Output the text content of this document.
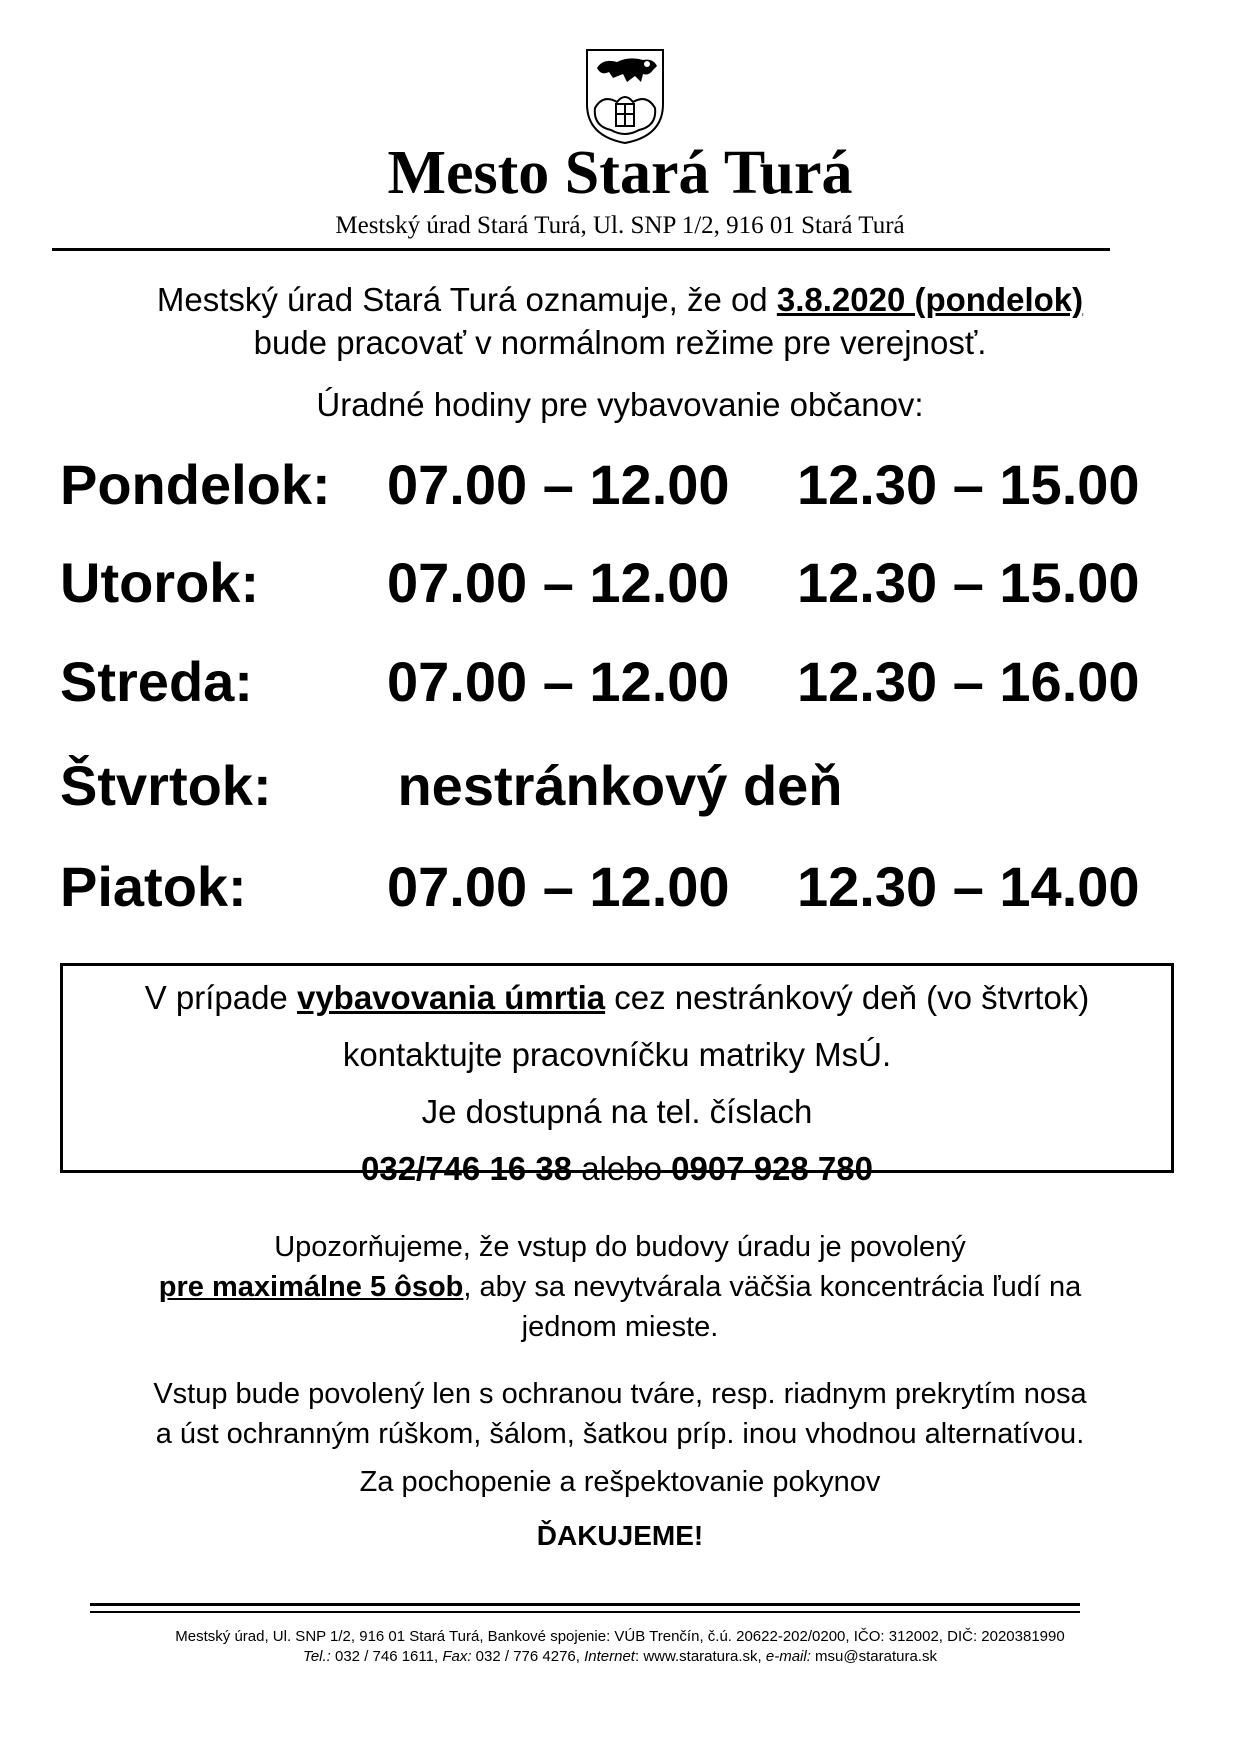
Mesto Stará Turá
Mestský úrad Stará Turá, Ul. SNP 1/2, 916 01 Stará Turá
Mestský úrad Stará Turá oznamuje, že od 3.8.2020 (pondelok)
bude pracovať v normálnom režime pre verejnosť.
Úradné hodiny pre vybavovanie občanov:
Pondelok: 07.00 – 12.00 12.30 – 15.00
Utorok: 07.00 – 12.00 12.30 – 15.00
Streda: 07.00 – 12.00 12.30 – 16.00
nestránkový deň
Štvrtok:
Piatok:	07.00 – 12.00 12.30 – 14.00
V prípade vybavovania úmrtia cez nestránkový deň (vo štvrtok)
kontaktujte pracovníčku matriky MsÚ.
Je dostupná na tel. číslach
032/746 16 38 alebo 0907 928 780
Upozorňujeme, že vstup do budovy úradu je povolený
pre maximálne 5 ôsob, aby sa nevytvárala väčšia koncentrácia ľudí na
jednom mieste.
Vstup bude povolený len s ochranou tváre, resp. riadnym prekrytím nosa
a úst ochranným rúškom, šálom, šatkou príp. inou vhodnou alternatívou.
Za pochopenie a rešpektovanie pokynov
ĎAKUJEME!
Mestský úrad, Ul. SNP 1/2, 916 01 Stará Turá, Bankové spojenie: VÚB Trenčín, č.ú. 20622-202/0200, IČO: 312002, DIČ: 2020381990
Tel.: 032 / 746 1611, Fax: 032 / 776 4276, Internet: www.staratura.sk, e-mail: msu@staratura.sk
